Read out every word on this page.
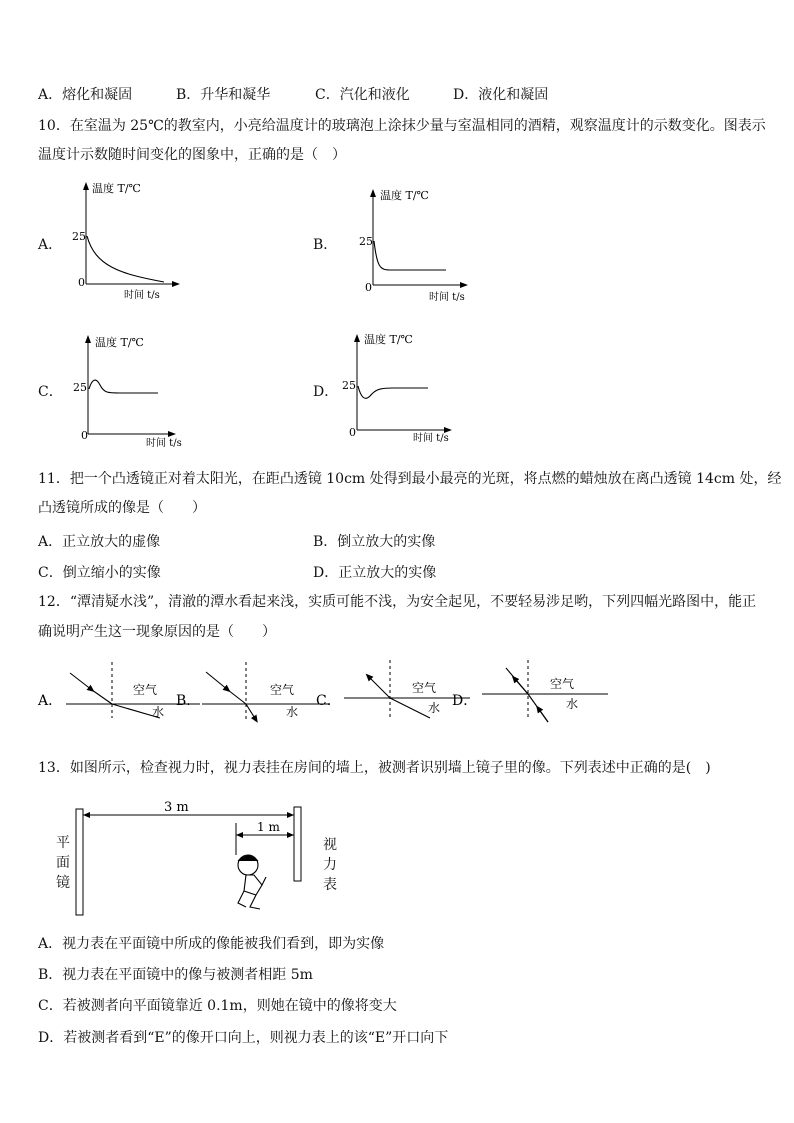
A．熔化和凝固	B．升华和凝华	C．汽化和液化	D．液化和凝固
10．在室温为 25℃的教室内，小亮给温度计的玻璃泡上涂抹少量与室温相同的酒精，观察温度计的示数变化。图表示
温度计示数随时间变化的图象中，正确的是（　）
A．
温度 T/℃
25
0
时间 t/s
B．
温度 T/℃
25
0
时间 t/s
C．
温度 T/℃
25
0
时间 t/s
D．
温度 T/℃
25
0	时间 t/s
11．把一个凸透镜正对着太阳光，在距凸透镜 10cm 处得到最小最亮的光斑，将点燃的蜡烛放在离凸透镜 14cm 处，经
凸透镜所成的像是（　　）
A．正立放大的虚像	B．倒立放大的实像
C．倒立缩小的实像	D．正立放大的实像
12．“潭清疑水浅”，清澈的潭水看起来浅，实质可能不浅，为安全起见，不要轻易涉足哟，下列四幅光路图中，能正
确说明产生这一现象原因的是（　　）
A．
空气
水
B．
空气
水
C．
空气
水 D．
空气
水
13．如图所示，检查视力时，视力表挂在房间的墙上，被测者识别墙上镜子里的像。下列表述中正确的是(　)
3 m
1 m
平面镜
视力表
A．视力表在平面镜中所成的像能被我们看到，即为实像
B．视力表在平面镜中的像与被测者相距 5m
C．若被测者向平面镜靠近 0.1m，则她在镜中的像将变大
D．若被测者看到“E”的像开口向上，则视力表上的该“E”开口向下
